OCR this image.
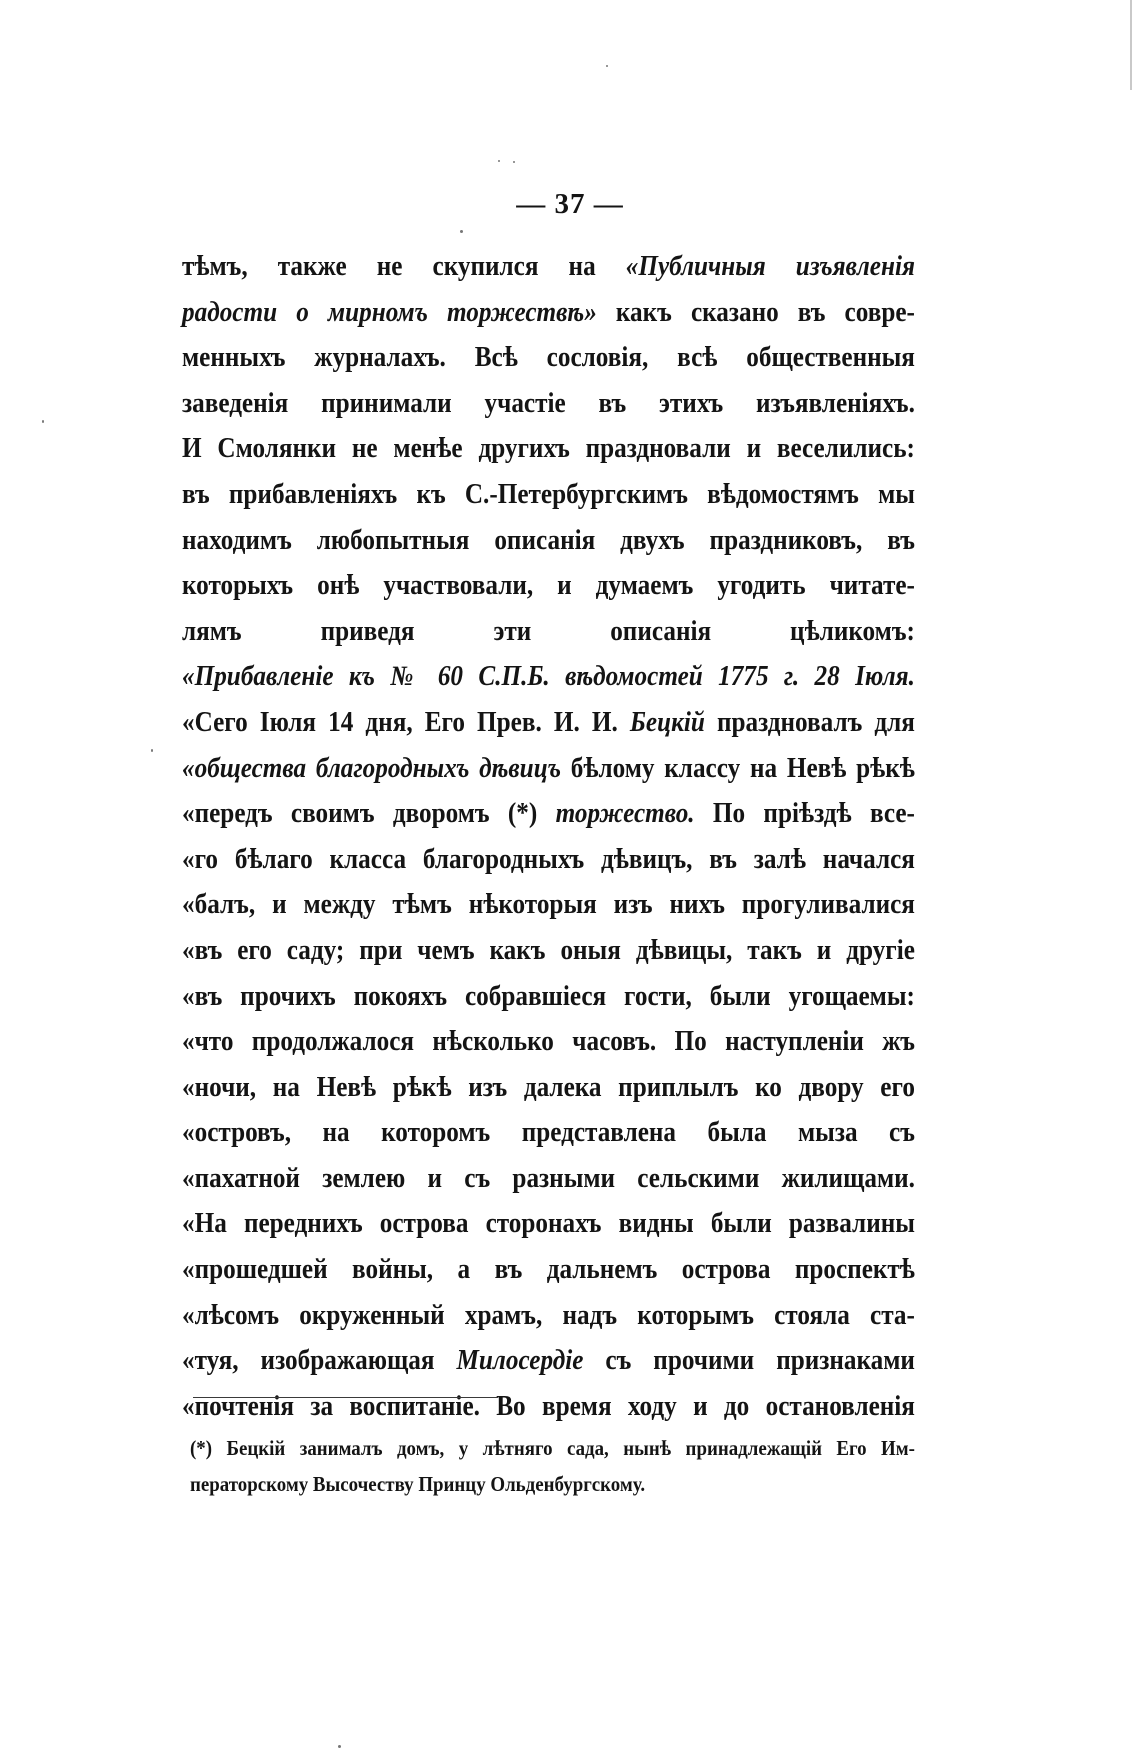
— 37 —
тѣмъ, также не скупился на «Публичныя изъявленія
радости о мирномъ торжествѣ» какъ сказано въ совре-
менныхъ журналахъ. Всѣ сословія, всѣ общественныя
заведенія принимали участіе въ этихъ изъявленіяхъ.
И Смолянки не менѣе другихъ праздновали и веселились:
въ прибавленіяхъ къ С.-Петербургскимъ вѣдомостямъ мы
находимъ любопытныя описанія двухъ праздниковъ, въ
которыхъ онѣ участвовали, и думаемъ угодить читате-
лямъ приведя эти описанія цѣликомъ:
«Прибавленіе къ № 60 С.П.Б. вѣдомостей 1775 г. 28 Іюля.
«Сего Іюля 14 дня, Его Прев. И. И. Бецкій праздновалъ для
«общества благородныхъ дѣвицъ бѣлому классу на Невѣ рѣкѣ
«передъ своимъ дворомъ (*) торжество. По пріѣздѣ все-
«го бѣлаго класса благородныхъ дѣвицъ, въ залѣ начался
«балъ, и между тѣмъ нѣкоторыя изъ нихъ прогуливалися
«въ его саду; при чемъ какъ оныя дѣвицы, такъ и другіе
«въ прочихъ покояхъ собравшіеся гости, были угощаемы:
«что продолжалося нѣсколько часовъ. По наступленіи жъ
«ночи, на Невѣ рѣкѣ изъ далека приплылъ ко двору его
«островъ, на которомъ представлена была мыза съ
«пахатной землею и съ разными сельскими жилищами.
«На переднихъ острова сторонахъ видны были развалины
«прошедшей войны, а въ дальнемъ острова проспектѣ
«лѣсомъ окруженный храмъ, надъ которымъ стояла ста-
«туя, изображающая Милосердіе съ прочими признаками
«почтенія за воспитаніе. Во время ходу и до остановленія
(*) Бецкій занималъ домъ, у лѣтняго сада, нынѣ принадлежащій Его Им-
ператорскому Высочеству Принцу Ольденбургскому.
